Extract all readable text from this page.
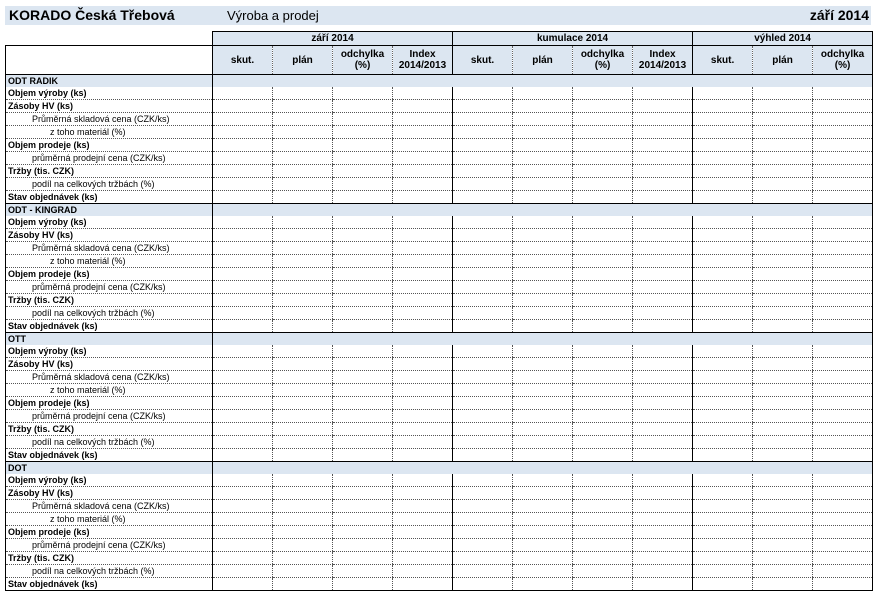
KORADO Česká Třebová	Výroba a prodej	září 2014
	září 2014				kumulace 2014				výhled 2014		
	skut.	plán	odchylka (%)	Index 2014/2013	skut.	plán	odchylka (%)	Index 2014/2013	skut.	plán	odchylka (%)
ODT RADIK											
Objem výroby (ks)											
Zásoby HV (ks)											
Průměrná skladová cena (CZK/ks)											
z toho materiál (%)											
Objem prodeje (ks)											
průměrná prodejní cena (CZK/ks)											
Tržby (tis. CZK)											
podíl na celkových tržbách (%)											
Stav objednávek (ks)											
ODT - KINGRAD											
Objem výroby (ks)											
Zásoby HV (ks)											
Průměrná skladová cena (CZK/ks)											
z toho materiál (%)											
Objem prodeje (ks)											
průměrná prodejní cena (CZK/ks)											
Tržby (tis. CZK)											
podíl na celkových tržbách (%)											
Stav objednávek (ks)											
OTT											
Objem výroby (ks)											
Zásoby HV (ks)											
Průměrná skladová cena (CZK/ks)											
z toho materiál (%)											
Objem prodeje (ks)											
průměrná prodejní cena (CZK/ks)											
Tržby (tis. CZK)											
podíl na celkových tržbách (%)											
Stav objednávek (ks)											
DOT											
Objem výroby (ks)											
Zásoby HV (ks)											
Průměrná skladová cena (CZK/ks)											
z toho materiál (%)											
Objem prodeje (ks)											
průměrná prodejní cena (CZK/ks)											
Tržby (tis. CZK)											
podíl na celkových tržbách (%)											
Stav objednávek (ks)											
